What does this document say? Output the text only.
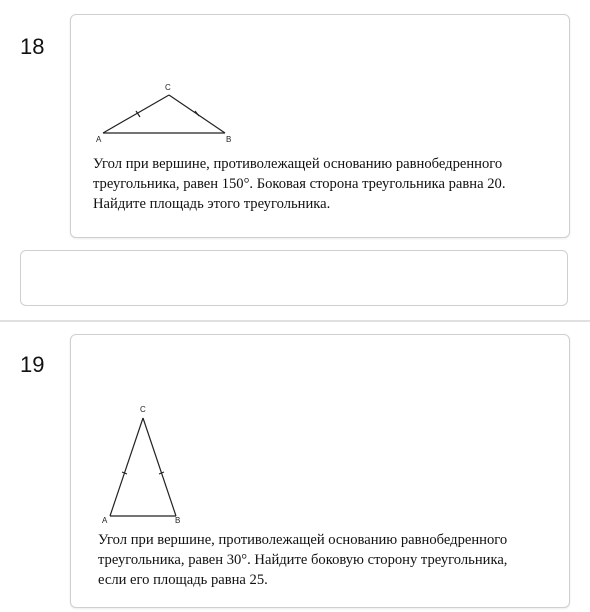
18
C
A	B
Угол при вершине, противолежащей основанию равнобедренного
треугольника, равен 150°. Боковая сторона треугольника равна 20.
Найдите площадь этого треугольника.
19
C
A	B
Угол при вершине, противолежащей основанию равнобедренного
треугольника, равен 30°. Найдите боковую сторону треугольника,
если его площадь равна 25.
